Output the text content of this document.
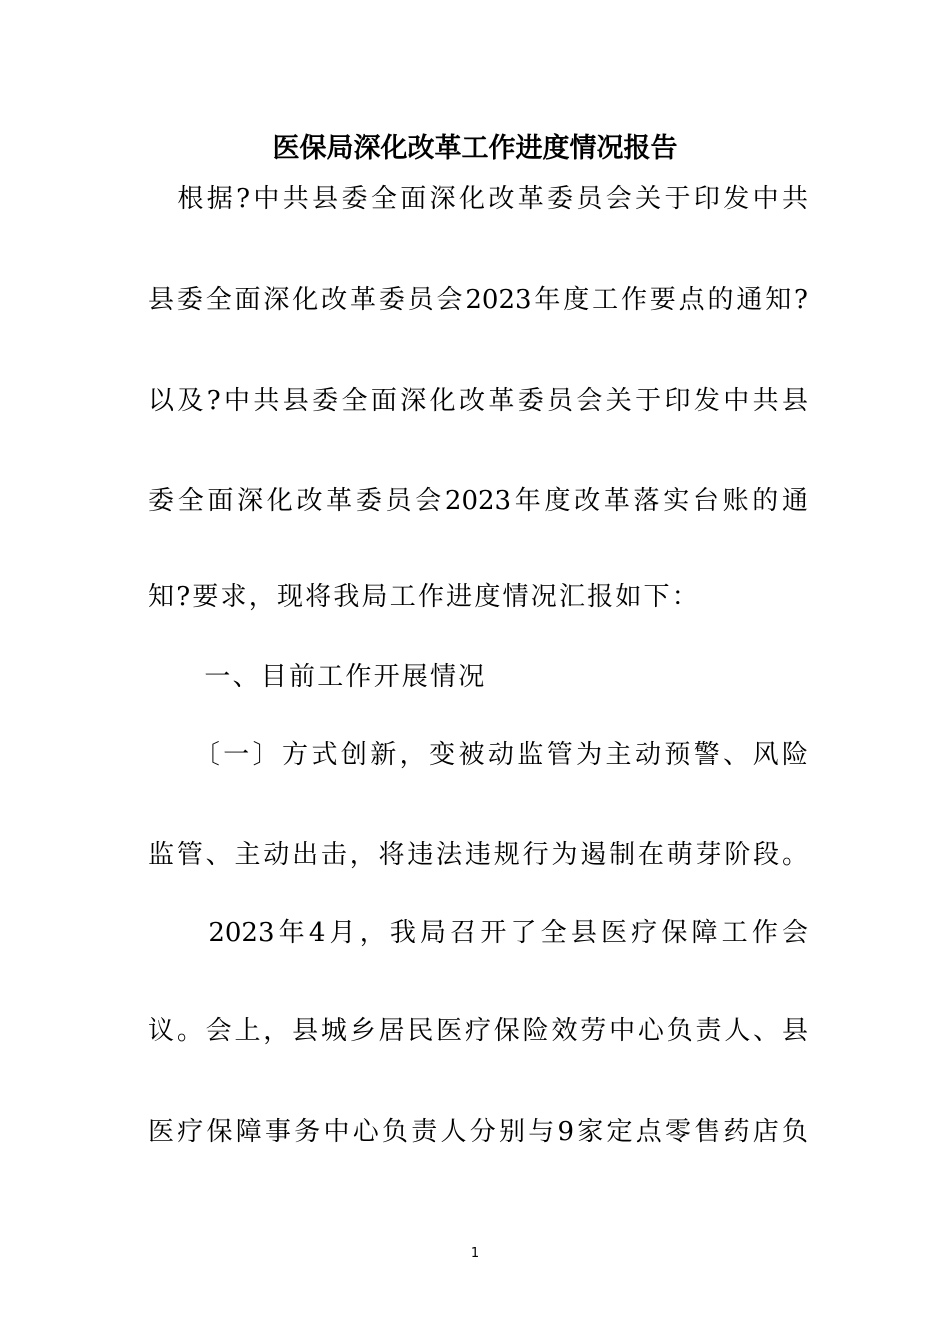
医保局深化改革工作进度情况报告
　根据?中共县委全面深化改革委员会关于印发中共
县委全面深化改革委员会2023年度工作要点的通知?
以及?中共县委全面深化改革委员会关于印发中共县
委全面深化改革委员会2023年度改革落实台账的通
知?要求，现将我局工作进度情况汇报如下：
　　一、目前工作开展情况
　　〔一〕方式创新，变被动监管为主动预警、风险
监管、主动出击，将违法违规行为遏制在萌芽阶段。
　　2023年4月，我局召开了全县医疗保障工作会
议。会上，县城乡居民医疗保险效劳中心负责人、县
医疗保障事务中心负责人分别与9家定点零售药店负
1
